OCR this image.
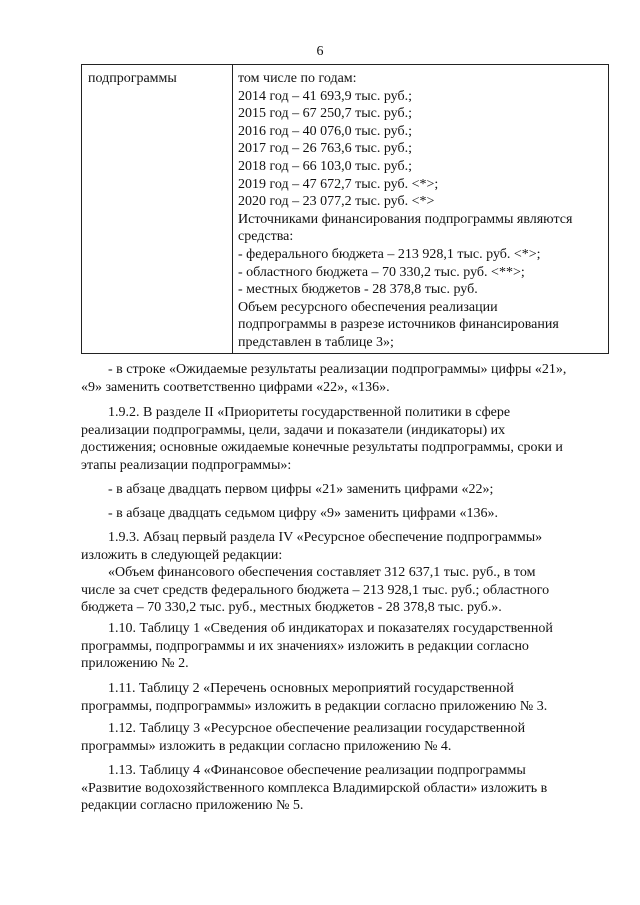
6
подпрограммы	том числе по годам:
2014 год – 41 693,9 тыс. руб.;
2015 год – 67 250,7 тыс. руб.;
2016 год – 40 076,0 тыс. руб.;
2017 год – 26 763,6 тыс. руб.;
2018 год – 66 103,0 тыс. руб.;
2019 год – 47 672,7 тыс. руб. <*>;
2020 год – 23 077,2 тыс. руб. <*>
Источниками финансирования подпрограммы являются
средства:
- федерального бюджета – 213 928,1 тыс. руб. <*>;
- областного бюджета – 70 330,2 тыс. руб. <**>;
- местных бюджетов - 28 378,8 тыс. руб.
Объем ресурсного обеспечения реализации
подпрограммы в разрезе источников финансирования
представлен в таблице 3»;
- в строке «Ожидаемые результаты реализации подпрограммы» цифры «21»,
«9» заменить соответственно цифрами «22», «136».
1.9.2. В разделе II «Приоритеты государственной политики в сфере
реализации подпрограммы, цели, задачи и показатели (индикаторы) их
достижения; основные ожидаемые конечные результаты подпрограммы, сроки и
этапы реализации подпрограммы»:
- в абзаце двадцать первом цифры «21» заменить цифрами «22»;
- в абзаце двадцать седьмом цифру «9» заменить цифрами «136».
1.9.3. Абзац первый раздела IV «Ресурсное обеспечение подпрограммы»
изложить в следующей редакции:
«Объем финансового обеспечения составляет 312 637,1 тыс. руб., в том
числе за счет средств федерального бюджета – 213 928,1 тыс. руб.; областного
бюджета – 70 330,2 тыс. руб., местных бюджетов - 28 378,8 тыс. руб.».
1.10. Таблицу 1 «Сведения об индикаторах и показателях государственной
программы, подпрограммы и их значениях» изложить в редакции согласно
приложению № 2.
1.11. Таблицу 2 «Перечень основных мероприятий государственной
программы, подпрограммы» изложить в редакции согласно приложению № 3.
1.12. Таблицу 3 «Ресурсное обеспечение реализации государственной
программы» изложить в редакции согласно приложению № 4.
1.13. Таблицу 4 «Финансовое обеспечение реализации подпрограммы
«Развитие водохозяйственного комплекса Владимирской области» изложить в
редакции согласно приложению № 5.
